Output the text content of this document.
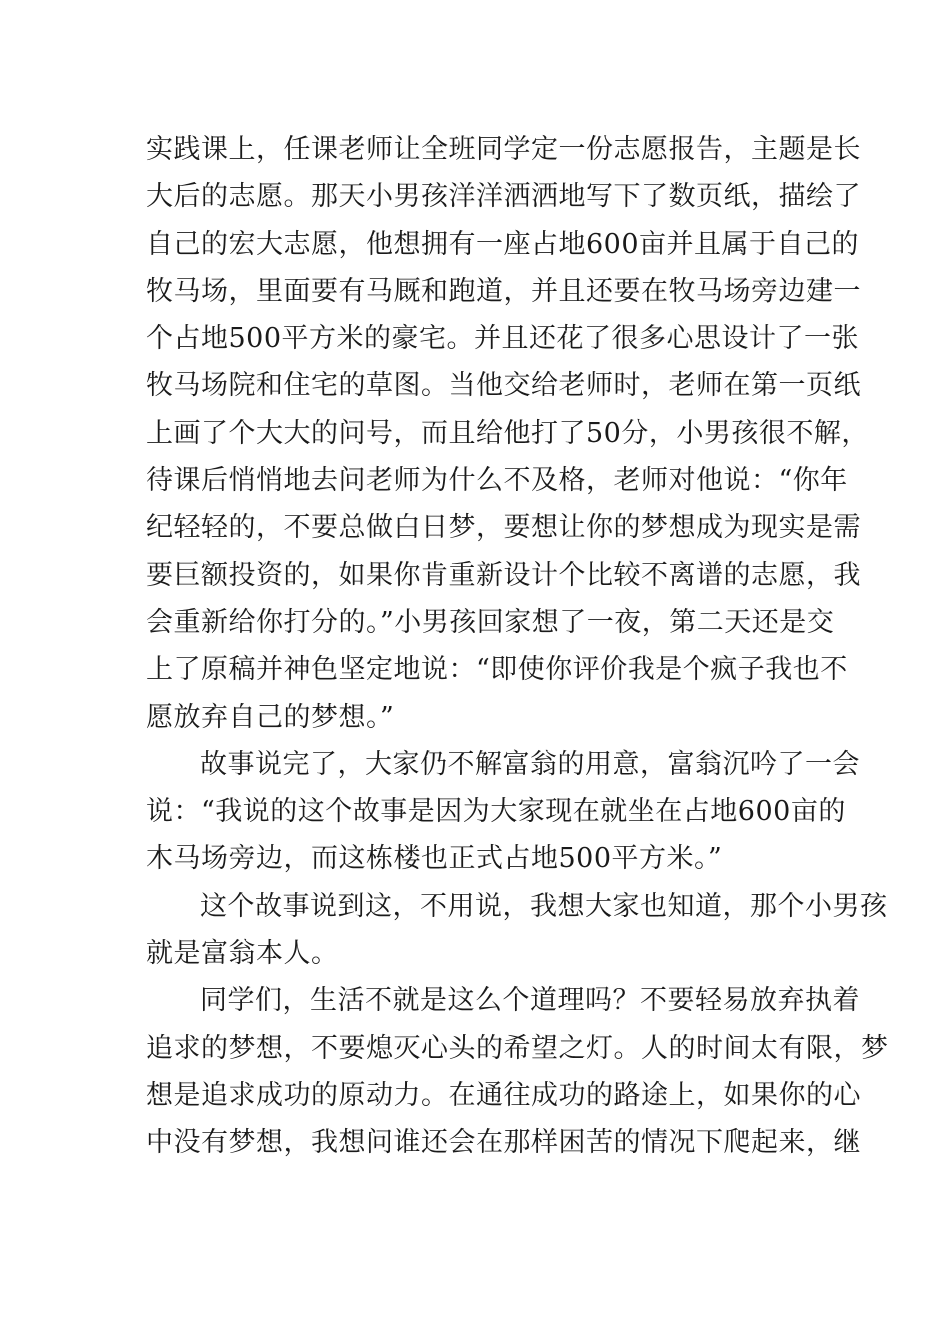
实践课上，任课老师让全班同学定一份志愿报告，主题是长
大后的志愿。那天小男孩洋洋洒洒地写下了数页纸，描绘了
自己的宏大志愿，他想拥有一座占地600亩并且属于自己的
牧马场，里面要有马厩和跑道，并且还要在牧马场旁边建一
个占地500平方米的豪宅。并且还花了很多心思设计了一张
牧马场院和住宅的草图。当他交给老师时，老师在第一页纸
上画了个大大的问号，而且给他打了50分，小男孩很不解，
待课后悄悄地去问老师为什么不及格，老师对他说：“你年
纪轻轻的，不要总做白日梦，要想让你的梦想成为现实是需
要巨额投资的，如果你肯重新设计个比较不离谱的志愿，我
会重新给你打分的。”小男孩回家想了一夜，第二天还是交
上了原稿并神色坚定地说：“即使你评价我是个疯子我也不
愿放弃自己的梦想。”
故事说完了，大家仍不解富翁的用意，富翁沉吟了一会
说：“我说的这个故事是因为大家现在就坐在占地600亩的
木马场旁边，而这栋楼也正式占地500平方米。”
这个故事说到这，不用说，我想大家也知道，那个小男孩
就是富翁本人。
同学们，生活不就是这么个道理吗？不要轻易放弃执着
追求的梦想，不要熄灭心头的希望之灯。人的时间太有限，梦
想是追求成功的原动力。在通往成功的路途上，如果你的心
中没有梦想，我想问谁还会在那样困苦的情况下爬起来，继
